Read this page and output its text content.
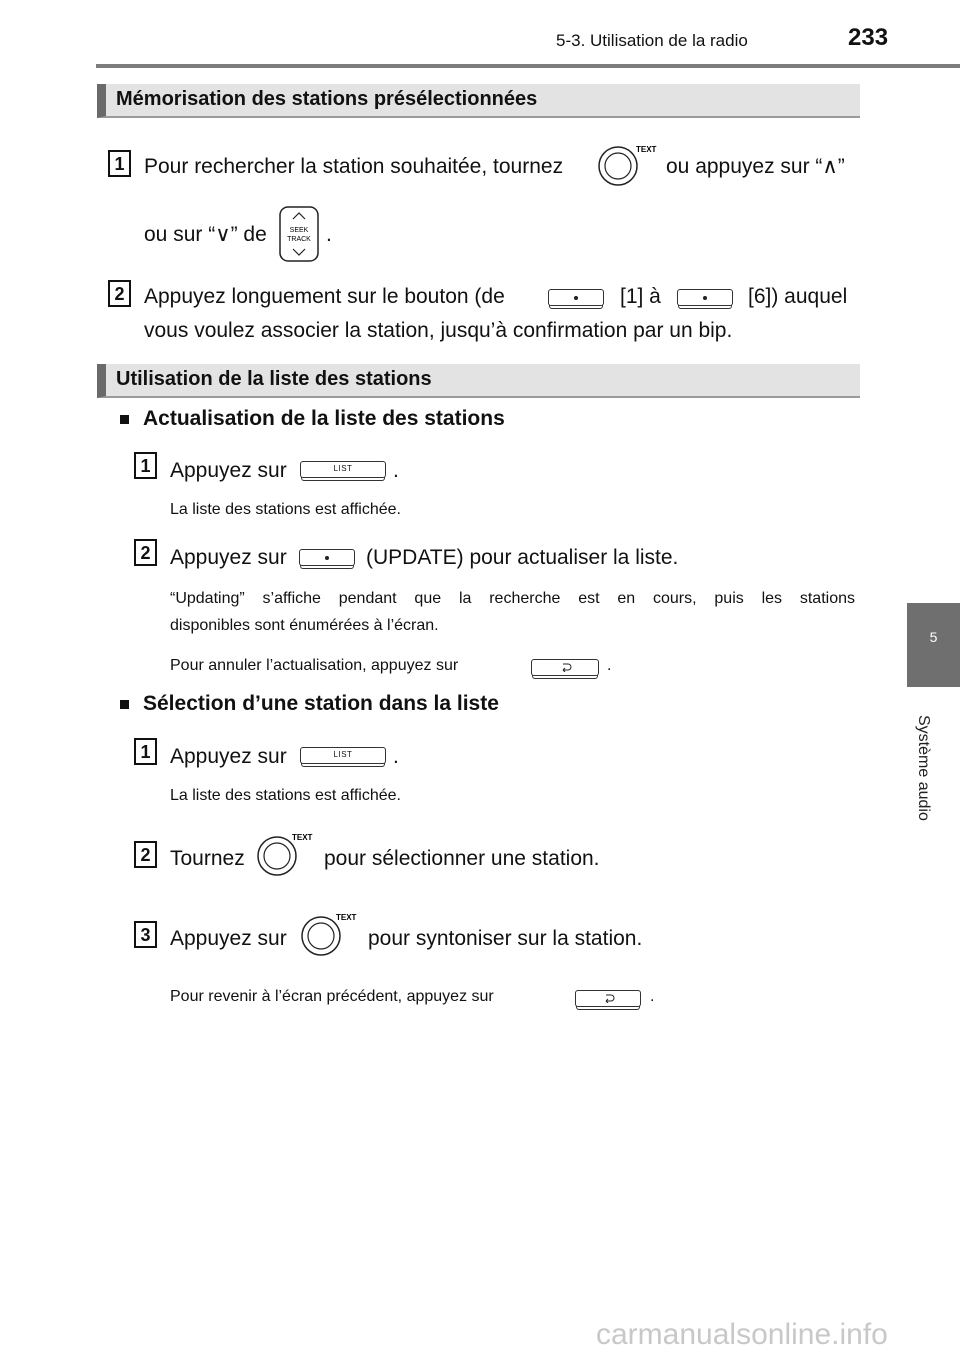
5-3. Utilisation de la radio	233
5
Système audio
Mémorisation des stations présélectionnées
1 Pour rechercher la station souhaitée, tournez
TEXT
ou appuyez sur “∧”
ou sur “∨” de	SEEK
TRACK .
2 Appuyez longuement sur le bouton (de	[1] à	[6]) auquel
vous voulez associer la station, jusqu’à confirmation par un bip.
Utilisation de la liste des stations
Actualisation de la liste des stations
1 Appuyez sur	LIST	.
La liste des stations est affichée.
2 Appuyez sur	(UPDATE) pour actualiser la liste.
“Updating” s’affiche pendant que la recherche est en cours, puis les stations
disponibles sont énumérées à l’écran.
Pour annuler l’actualisation, appuyez sur	.
Sélection d’une station dans la liste
1 Appuyez sur	LIST	.
La liste des stations est affichée.
2 Tournez
TEXT
pour sélectionner une station.
3 Appuyez sur
TEXT
pour syntoniser sur la station.
Pour revenir à l’écran précédent, appuyez sur	.
carmanualsonline.info
